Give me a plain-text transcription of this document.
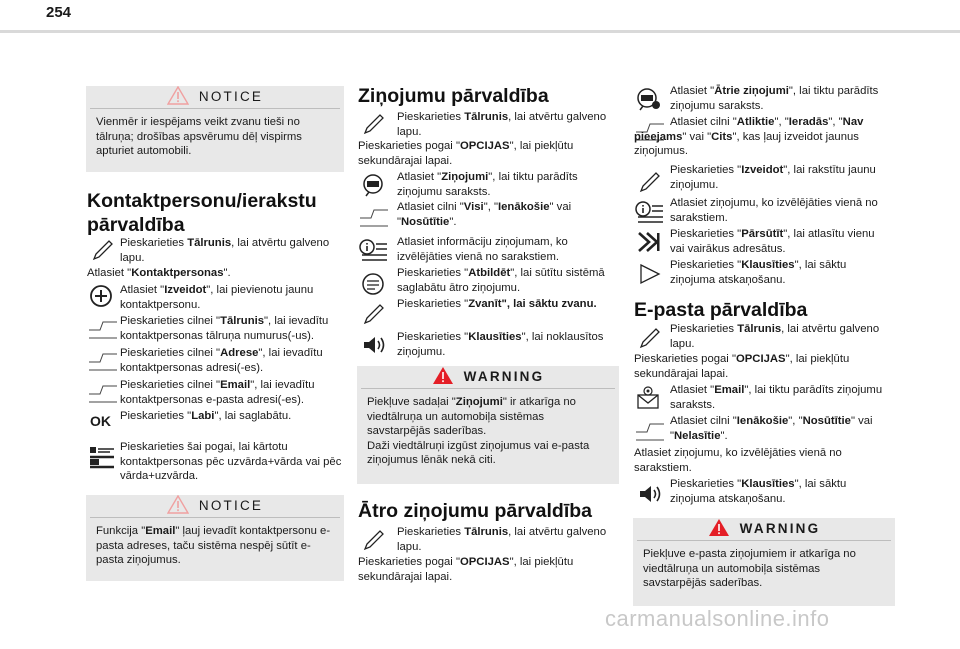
254
NOTICE
Vienmēr ir iespējams veikt zvanu tieši no tālruņa; drošības apsvērumu dēļ vispirms apturiet automobili.
Kontaktpersonu/ierakstu pārvaldība
Pieskarieties Tālrunis, lai atvērtu galveno lapu.
Atlasiet "Kontaktpersonas".
Atlasiet "Izveidot", lai pievienotu jaunu kontaktpersonu.
Pieskarieties cilnei "Tālrunis", lai ievadītu kontaktpersonas tālruņa numurus(-us).
Pieskarieties cilnei "Adrese", lai ievadītu kontaktpersonas adresi(-es).
Pieskarieties cilnei "Email", lai ievadītu kontaktpersonas e-pasta adresi(-es).
OK Pieskarieties "Labi", lai saglabātu.
Pieskarieties šai pogai, lai kārtotu kontaktpersonas pēc uzvārda+vārda vai pēc vārda+uzvārda.
NOTICE
Funkcija "Email" ļauj ievadīt kontaktpersonu e-pasta adreses, taču sistēma nespēj sūtīt e-pasta ziņojumus.
Ziņojumu pārvaldība
Pieskarieties Tālrunis, lai atvērtu galveno lapu.
Pieskarieties pogai "OPCIJAS", lai piekļūtu sekundārajai lapai.
Atlasiet "Ziņojumi", lai tiktu parādīts ziņojumu saraksts.
Atlasiet cilni "Visi", "Ienākošie" vai "Nosūtītie".
Atlasiet informāciju ziņojumam, ko izvēlējāties vienā no sarakstiem.
Pieskarieties "Atbildēt", lai sūtītu sistēmā saglabātu ātro ziņojumu.
Pieskarieties "Zvanīt", lai sāktu zvanu.
Pieskarieties "Klausīties", lai noklausītos ziņojumu.
WARNING
Piekļuve sadaļai "Ziņojumi" ir atkarīga no viedtālruņa un automobiļa sistēmas savstarpējās saderības.
Daži viedtālruņi izgūst ziņojumus vai e-pasta ziņojumus lēnāk nekā citi.
Ātro ziņojumu pārvaldība
Pieskarieties Tālrunis, lai atvērtu galveno lapu.
Pieskarieties pogai "OPCIJAS", lai piekļūtu sekundārajai lapai.
Atlasiet "Ātrie ziņojumi", lai tiktu parādīts ziņojumu saraksts.
Atlasiet cilni "Atliktie", "Ieradās", "Nav pieejams" vai "Cits", kas ļauj izveidot jaunus ziņojumus.
Pieskarieties "Izveidot", lai rakstītu jaunu ziņojumu.
Atlasiet ziņojumu, ko izvēlējāties vienā no sarakstiem.
Pieskarieties "Pārsūtīt", lai atlasītu vienu vai vairākus adresātus.
Pieskarieties "Klausīties", lai sāktu ziņojuma atskaņošanu.
E-pasta pārvaldība
Pieskarieties Tālrunis, lai atvērtu galveno lapu.
Pieskarieties pogai "OPCIJAS", lai piekļūtu sekundārajai lapai.
Atlasiet "Email", lai tiktu parādīts ziņojumu saraksts.
Atlasiet cilni "Ienākošie", "Nosūtītie" vai "Nelasītie".
Atlasiet ziņojumu, ko izvēlējāties vienā no sarakstiem.
Pieskarieties "Klausīties", lai sāktu ziņojuma atskaņošanu.
WARNING
Piekļuve e-pasta ziņojumiem ir atkarīga no viedtālruņa un automobiļa sistēmas savstarpējās saderības.
carmanualsonline.info
